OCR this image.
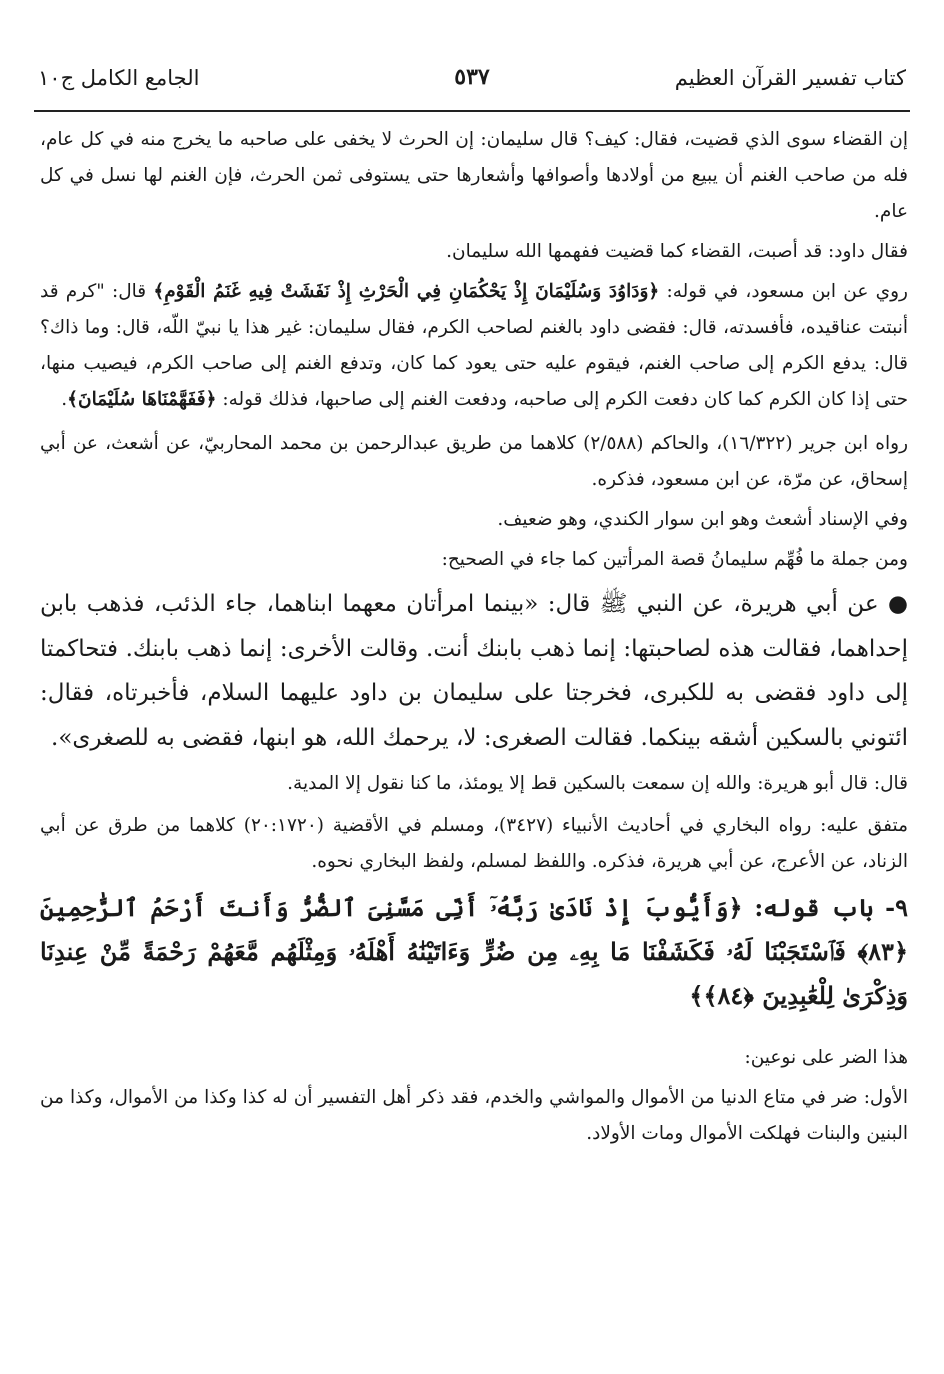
كتاب تفسير القرآن العظيم
٥٣٧
الجامع الكامل ج١٠

إن القضاء سوى الذي قضيت، فقال: كيف؟ قال سليمان: إن الحرث لا يخفى على صاحبه ما يخرج منه في كل عام، فله من صاحب الغنم أن يبيع من أولادها وأصوافها وأشعارها حتى يستوفى ثمن الحرث، فإن الغنم لها نسل في كل عام.

فقال داود: قد أصبت، القضاء كما قضيت ففهمها الله سليمان.

روي عن ابن مسعود، في قوله: ﴿وَدَاوُدَ وَسُلَيْمَانَ إِذْ يَحْكُمَانِ فِي الْحَرْثِ إِذْ نَفَشَتْ فِيهِ غَنَمُ الْقَوْمِ﴾ قال: "كرم قد أنبتت عناقيده، فأفسدته، قال: فقضى داود بالغنم لصاحب الكرم، فقال سليمان: غير هذا يا نبيّ اللّه، قال: وما ذاك؟ قال: يدفع الكرم إلى صاحب الغنم، فيقوم عليه حتى يعود كما كان، وتدفع الغنم إلى صاحب الكرم، فيصيب منها، حتى إذا كان الكرم كما كان دفعت الكرم إلى صاحبه، ودفعت الغنم إلى صاحبها، فذلك قوله: ﴿فَفَهَّمْنَاهَا سُلَيْمَانَ﴾.

رواه ابن جرير (١٦/٣٢٢)، والحاكم (٢/٥٨٨) كلاهما من طريق عبدالرحمن بن محمد المحاربيّ، عن أشعث، عن أبي إسحاق، عن مرّة، عن ابن مسعود، فذكره.

وفي الإسناد أشعث وهو ابن سوار الكندي، وهو ضعيف.

ومن جملة ما فُهِّم سليمانُ قصة المرأتين كما جاء في الصحيح:

● عن أبي هريرة، عن النبي ﷺ قال: «بينما امرأتان معهما ابناهما، جاء الذئب، فذهب بابن إحداهما، فقالت هذه لصاحبتها: إنما ذهب بابنك أنت. وقالت الأخرى: إنما ذهب بابنك. فتحاكمتا إلى داود فقضى به للكبرى، فخرجتا على سليمان بن داود عليهما السلام، فأخبرتاه، فقال: ائتوني بالسكين أشقه بينكما. فقالت الصغرى: لا، يرحمك الله، هو ابنها، فقضى به للصغرى».

قال: قال أبو هريرة: والله إن سمعت بالسكين قط إلا يومئذ، ما كنا نقول إلا المدية.

متفق عليه: رواه البخاري في أحاديث الأنبياء (٣٤٢٧)، ومسلم في الأقضية (٢٠:١٧٢٠) كلاهما من طرق عن أبي الزناد، عن الأعرج، عن أبي هريرة، فذكره. واللفظ لمسلم، ولفظ البخاري نحوه.

٩- باب قوله: ﴿وَأَيُّوبَ إِذْ نَادَىٰ رَبَّهُۥٓ أَنِّى مَسَّنِىَ ٱلضُّرُّ وَأَنتَ أَرْحَمُ ٱلرَّٰحِمِينَ ﴿٨٣﴾ فَٱسْتَجَبْنَا لَهُۥ فَكَشَفْنَا مَا بِهِۦ مِن ضُرٍّ وَءَاتَيْنَٰهُ أَهْلَهُۥ وَمِثْلَهُم مَّعَهُمْ رَحْمَةً مِّنْ عِندِنَا وَذِكْرَىٰ لِلْعَٰبِدِينَ ﴿٨٤﴾﴾

هذا الضر على نوعين:

الأول: ضر في متاع الدنيا من الأموال والمواشي والخدم، فقد ذكر أهل التفسير أن له كذا وكذا من الأموال، وكذا من البنين والبنات فهلكت الأموال ومات الأولاد.
